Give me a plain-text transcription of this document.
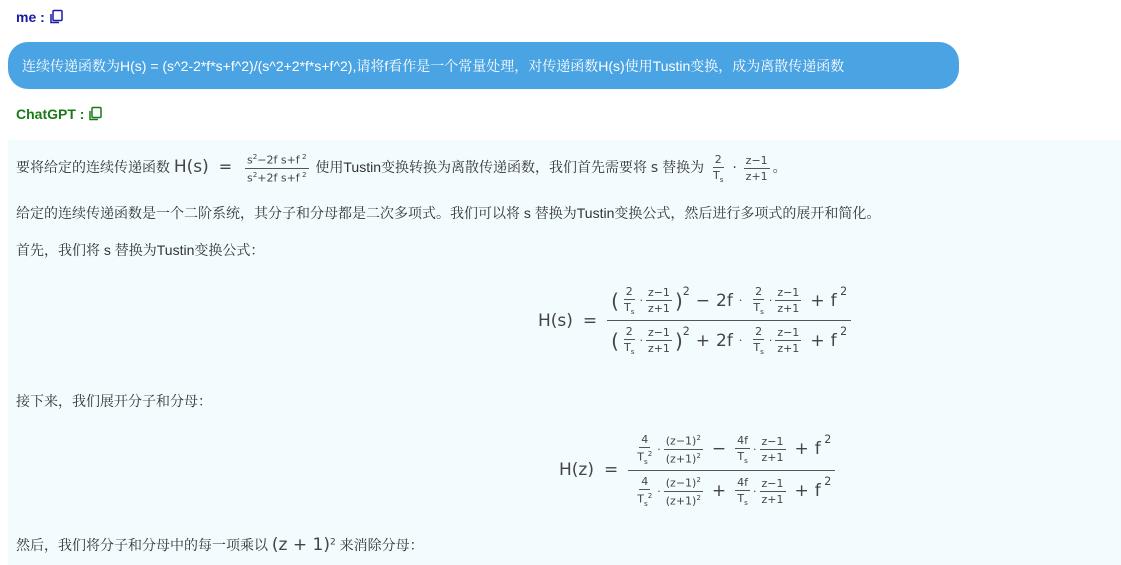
me :
连续传递函数为H(s) = (s^2-2*f*s+f^2)/(s^2+2*f*s+f^2),请将f看作是一个常量处理，对传递函数H(s)使用Tustin变换，成为离散传递函数
ChatGPT :
要将给定的连续传递函数 $H(s) = \frac{s^2-2f s+f ^2}{s^2+2f s+f ^2}$ 使用Tustin变换转换为离散传递函数，我们首先需要将 s 替换为 $\frac{2}{T_s} \cdot \frac{z-1}{z+1}$ 。
给定的连续传递函数是一个二阶系统，其分子和分母都是二次多项式。我们可以将 s 替换为Tustin变换公式，然后进行多项式的展开和简化。
首先，我们将 s 替换为Tustin变换公式：
H(s) =
( $\frac{2}{T_s} \cdot \frac{z-1}{z+1} )^2 - 2f \cdot \frac{2}{T_s} \cdot \frac{z-1}{z+1} + f$ $^2$
( $\frac{2}{T_s} \cdot \frac{z-1}{z+1} )^2 + 2f \cdot \frac{2}{T_s} \cdot \frac{z-1}{z+1} + f$ $^2$
接下来，我们展开分子和分母：
H(z) =
$\frac{4}{T_s^2} \cdot \frac{(z-1)^2}{(z+1)^2} - \frac{4f}{T_s} \cdot \frac{z-1}{z+1} + f$ $^2$
$\frac{4}{T_s^2} \cdot \frac{(z-1)^2}{(z+1)^2} + \frac{4f}{T_s} \cdot \frac{z-1}{z+1} + f$ $^2$
然后，我们将分子和分母中的每一项乘以 $(z + 1)^2$ 来消除分母：
